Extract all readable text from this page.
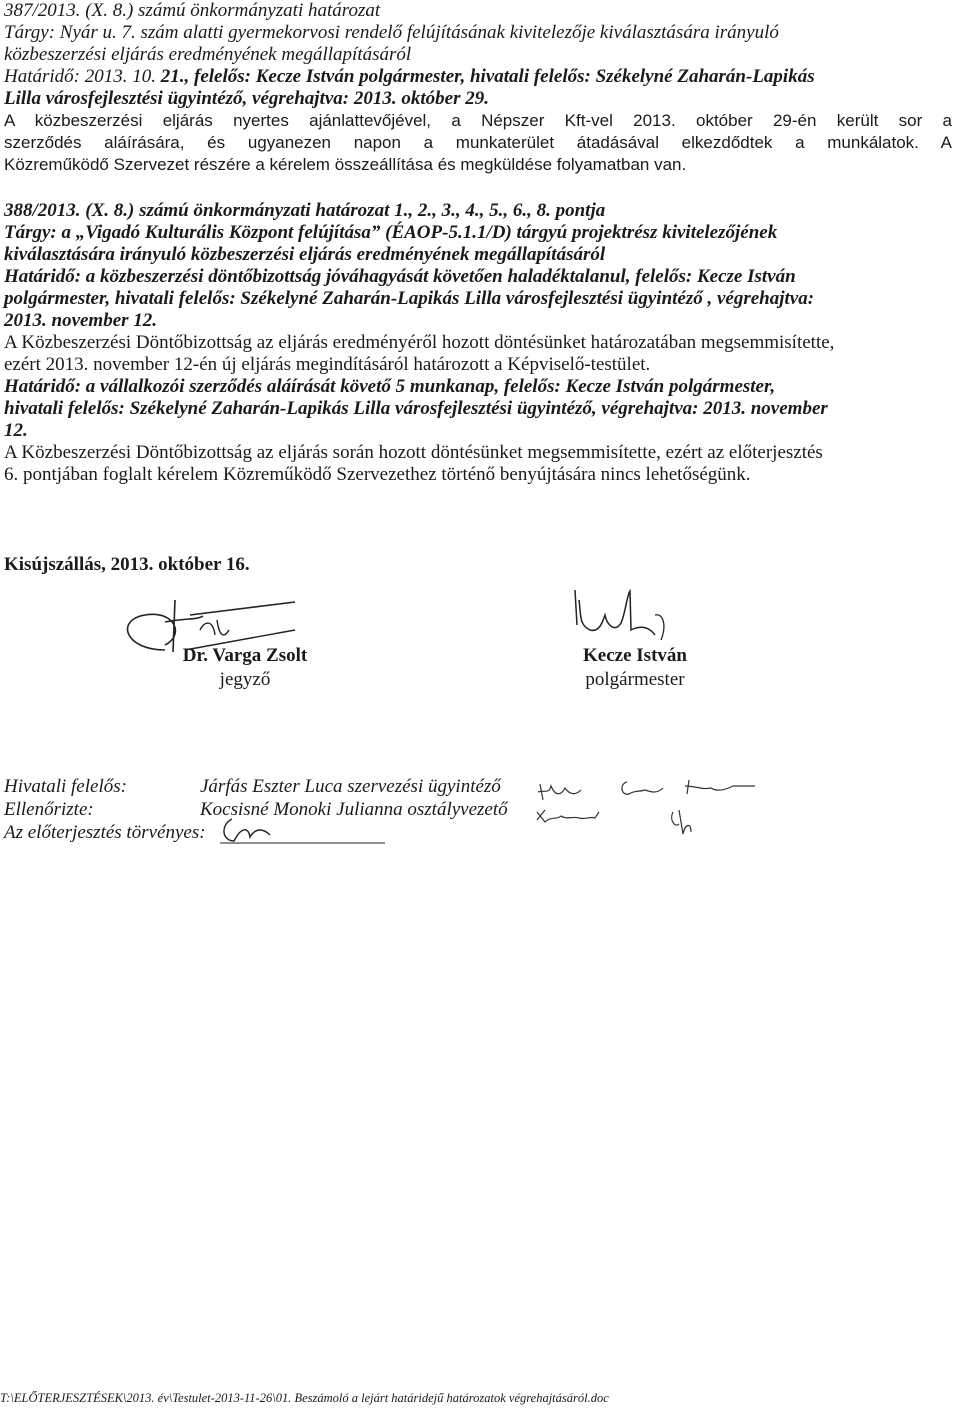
387/2013. (X. 8.) számú önkormányzati határozat
Tárgy: Nyár u. 7. szám alatti gyermekorvosi rendelő felújításának kivitelezője kiválasztására irányuló
közbeszerzési eljárás eredményének megállapításáról
Határidő: 2013. 10. 21., felelős: Kecze István polgármester, hivatali felelős: Székelyné Zaharán-Lapikás
Lilla városfejlesztési ügyintéző, végrehajtva: 2013. október 29.
A közbeszerzési eljárás nyertes ajánlattevőjével, a Népszer Kft-vel 2013. október 29-én került sor a
szerződés aláírására, és ugyanezen napon a munkaterület átadásával elkezdődtek a munkálatok. A
Közreműködő Szervezet részére a kérelem összeállítása és megküldése folyamatban van.
388/2013. (X. 8.) számú önkormányzati határozat 1., 2., 3., 4., 5., 6., 8. pontja
Tárgy: a „Vigadó Kulturális Központ felújítása” (ÉAOP-5.1.1/D) tárgyú projektrész kivitelezőjének
kiválasztására irányuló közbeszerzési eljárás eredményének megállapításáról
Határidő: a közbeszerzési döntőbizottság jóváhagyását követően haladéktalanul, felelős: Kecze István
polgármester, hivatali felelős: Székelyné Zaharán-Lapikás Lilla városfejlesztési ügyintéző , végrehajtva:
2013. november 12.
A Közbeszerzési Döntőbizottság az eljárás eredményéről hozott döntésünket határozatában megsemmisítette,
ezért 2013. november 12-én új eljárás megindításáról határozott a Képviselő-testület.
Határidő: a vállalkozói szerződés aláírását követő 5 munkanap, felelős: Kecze István polgármester,
hivatali felelős: Székelyné Zaharán-Lapikás Lilla városfejlesztési ügyintéző, végrehajtva: 2013. november
12.
A Közbeszerzési Döntőbizottság az eljárás során hozott döntésünket megsemmisítette, ezért az előterjesztés
6. pontjában foglalt kérelem Közreműködő Szervezethez történő benyújtására nincs lehetőségünk.
Kisújszállás, 2013. október 16.
Dr. Varga Zsolt
jegyző
Kecze István
polgármester
Hivatali felelős:	Járfás Eszter Luca szervezési ügyintéző
Ellenőrizte:	Kocsisné Monoki Julianna osztályvezető
Az előterjesztés törvényes:
T:\ELŐTERJESZTÉSEK\2013. év\Testulet-2013-11-26\01. Beszámoló a lejárt határidejű határozatok végrehajtásáról.doc
